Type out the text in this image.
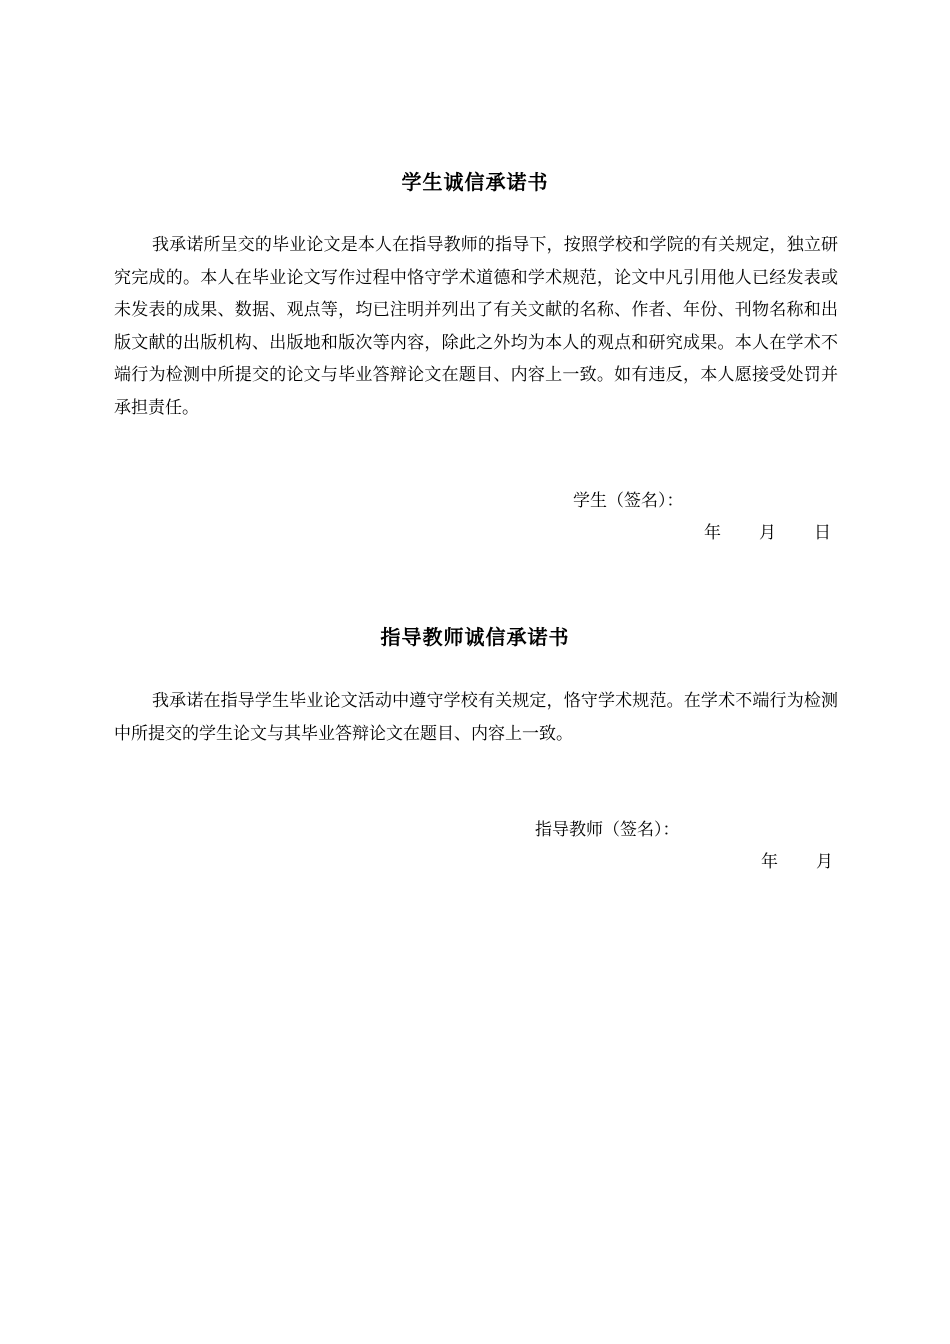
学生诚信承诺书
我承诺所呈交的毕业论文是本人在指导教师的指导下，按照学校和学院的有关规定，独立研究完成的。本人在毕业论文写作过程中恪守学术道德和学术规范，论文中凡引用他人已经发表或未发表的成果、数据、观点等，均已注明并列出了有关文献的名称、作者、年份、刊物名称和出版文献的出版机构、出版地和版次等内容，除此之外均为本人的观点和研究成果。本人在学术不端行为检测中所提交的论文与毕业答辩论文在题目、内容上一致。如有违反，本人愿接受处罚并承担责任。
学生（签名）：
年 月 日
指导教师诚信承诺书
我承诺在指导学生毕业论文活动中遵守学校有关规定，恪守学术规范。在学术不端行为检测中所提交的学生论文与其毕业答辩论文在题目、内容上一致。
指导教师（签名）：
年 月
